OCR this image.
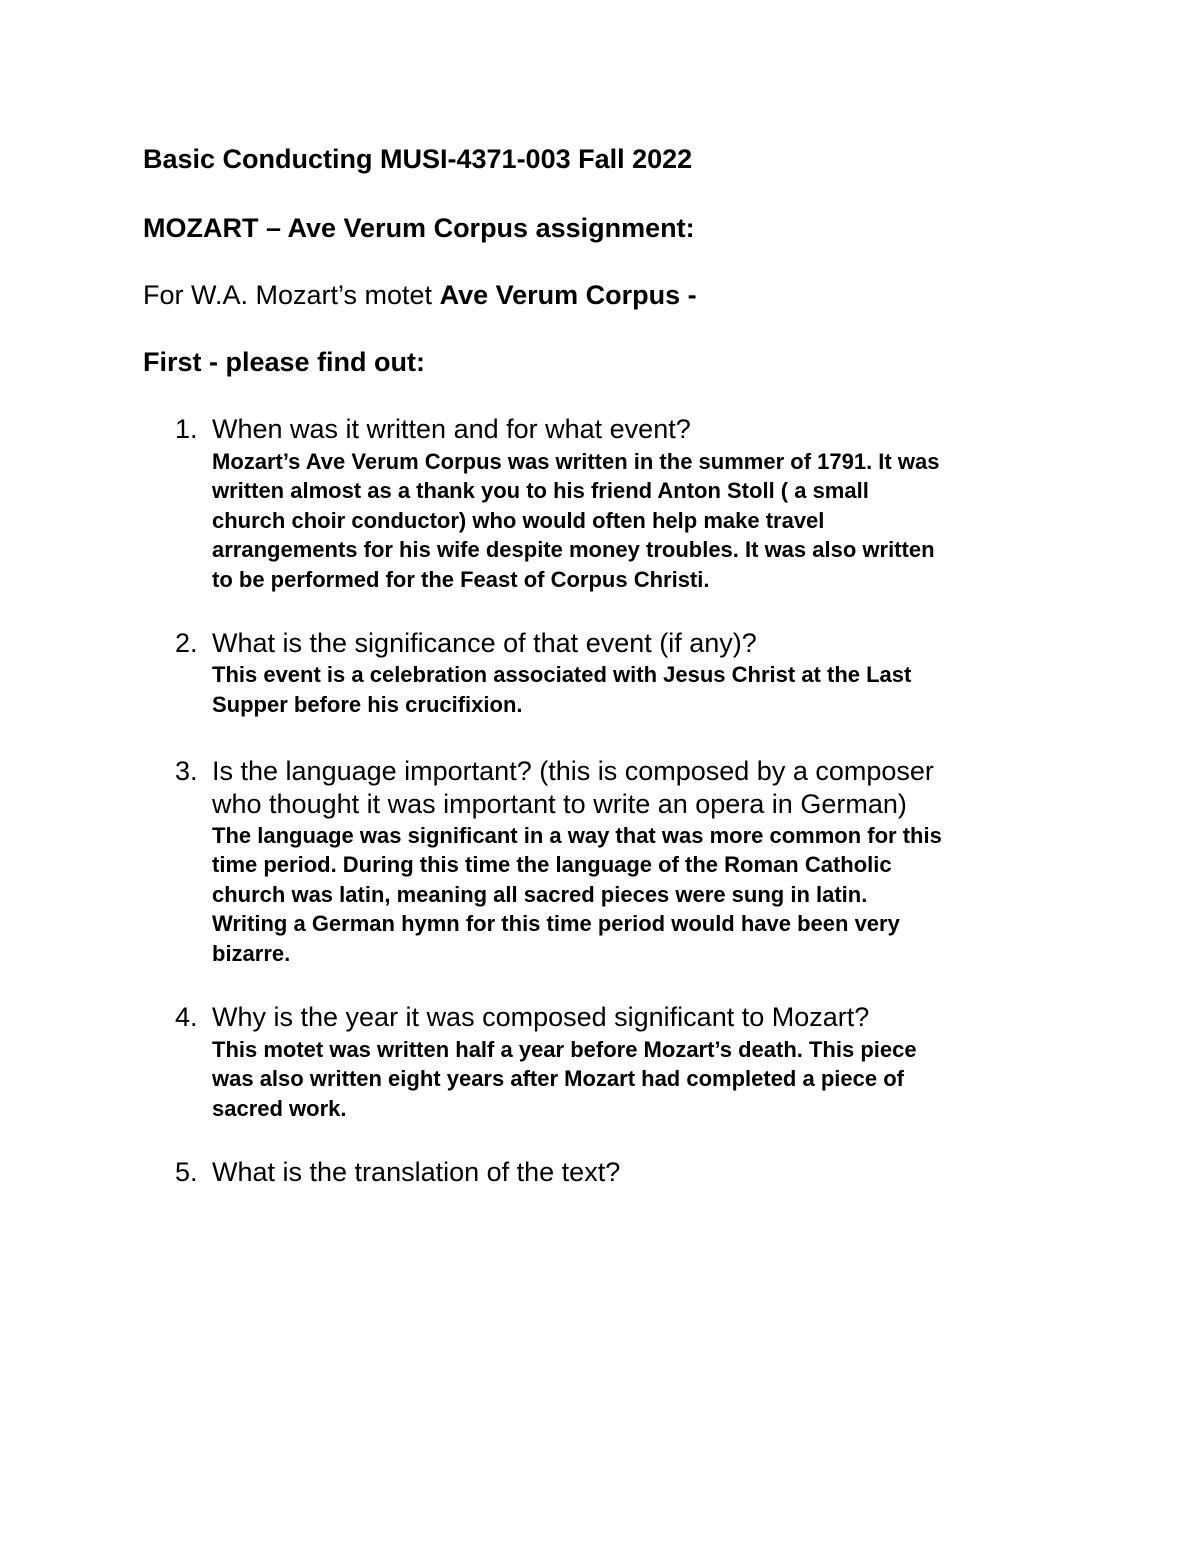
Basic Conducting MUSI-4371-003 Fall 2022
MOZART – Ave Verum Corpus assignment:
For W.A. Mozart’s motet Ave Verum Corpus -
First - please find out:
1. When was it written and for what event?
Mozart’s Ave Verum Corpus was written in the summer of 1791. It was
written almost as a thank you to his friend Anton Stoll ( a small
church choir conductor) who would often help make travel
arrangements for his wife despite money troubles. It was also written
to be performed for the Feast of Corpus Christi.
2. What is the significance of that event (if any)?
This event is a celebration associated with Jesus Christ at the Last
Supper before his crucifixion.
3. Is the language important? (this is composed by a composer
who thought it was important to write an opera in German)
The language was significant in a way that was more common for this
time period. During this time the language of the Roman Catholic
church was latin, meaning all sacred pieces were sung in latin.
Writing a German hymn for this time period would have been very
bizarre.
4. Why is the year it was composed significant to Mozart?
This motet was written half a year before Mozart’s death. This piece
was also written eight years after Mozart had completed a piece of
sacred work.
5. What is the translation of the text?
